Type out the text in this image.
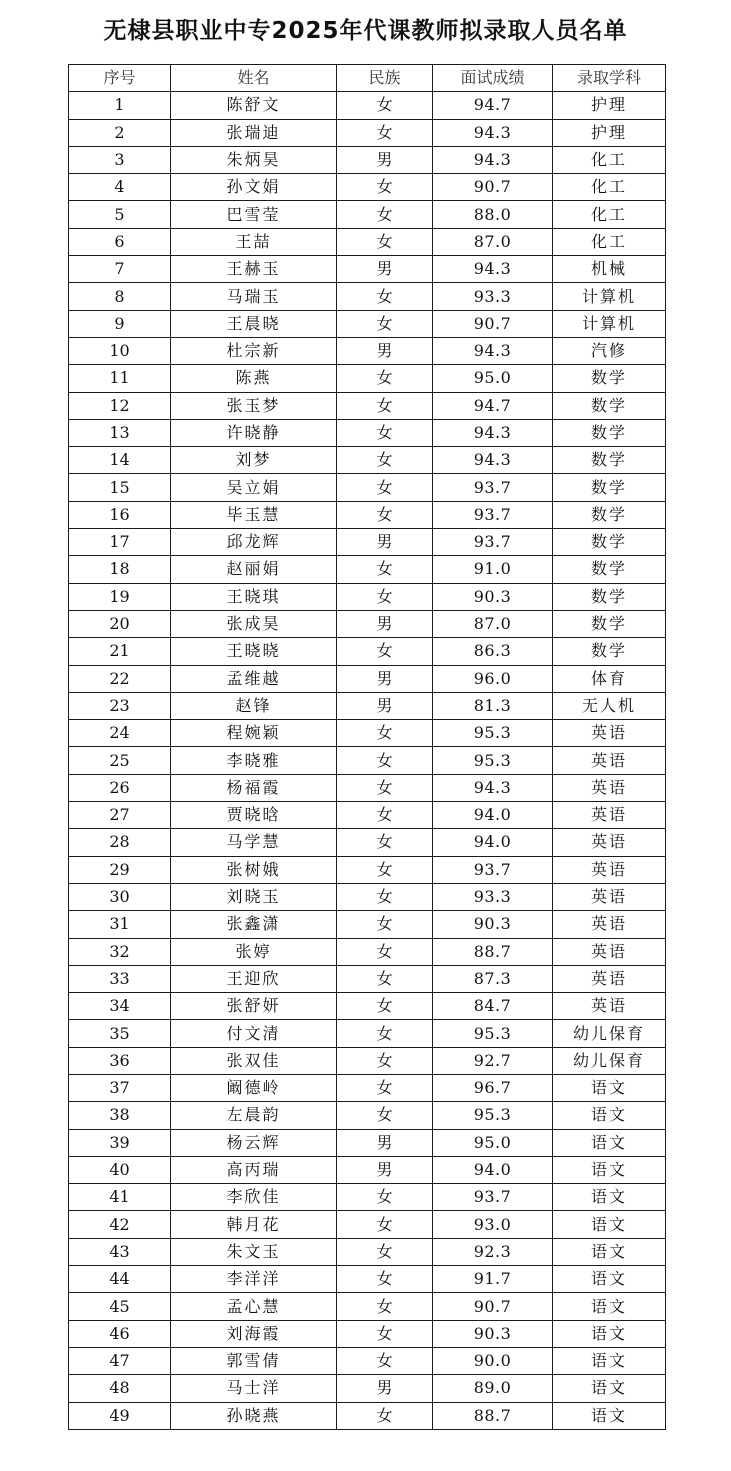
无棣县职业中专2025年代课教师拟录取人员名单
序号	姓名	民族	面试成绩	录取学科
1	陈舒文	女	94.7	护理
2	张瑞迪	女	94.3	护理
3	朱炳昊	男	94.3	化工
4	孙文娟	女	90.7	化工
5	巴雪莹	女	88.0	化工
6	王喆	女	87.0	化工
7	王赫玉	男	94.3	机械
8	马瑞玉	女	93.3	计算机
9	王晨晓	女	90.7	计算机
10	杜宗新	男	94.3	汽修
11	陈燕	女	95.0	数学
12	张玉梦	女	94.7	数学
13	许晓静	女	94.3	数学
14	刘梦	女	94.3	数学
15	吴立娟	女	93.7	数学
16	毕玉慧	女	93.7	数学
17	邱龙辉	男	93.7	数学
18	赵丽娟	女	91.0	数学
19	王晓琪	女	90.3	数学
20	张成昊	男	87.0	数学
21	王晓晓	女	86.3	数学
22	孟维越	男	96.0	体育
23	赵锋	男	81.3	无人机
24	程婉颖	女	95.3	英语
25	李晓雅	女	95.3	英语
26	杨福霞	女	94.3	英语
27	贾晓晗	女	94.0	英语
28	马学慧	女	94.0	英语
29	张树娥	女	93.7	英语
30	刘晓玉	女	93.3	英语
31	张鑫潇	女	90.3	英语
32	张婷	女	88.7	英语
33	王迎欣	女	87.3	英语
34	张舒妍	女	84.7	英语
35	付文清	女	95.3	幼儿保育
36	张双佳	女	92.7	幼儿保育
37	阚德岭	女	96.7	语文
38	左晨韵	女	95.3	语文
39	杨云辉	男	95.0	语文
40	高丙瑞	男	94.0	语文
41	李欣佳	女	93.7	语文
42	韩月花	女	93.0	语文
43	朱文玉	女	92.3	语文
44	李洋洋	女	91.7	语文
45	孟心慧	女	90.7	语文
46	刘海霞	女	90.3	语文
47	郭雪倩	女	90.0	语文
48	马士洋	男	89.0	语文
49	孙晓燕	女	88.7	语文
